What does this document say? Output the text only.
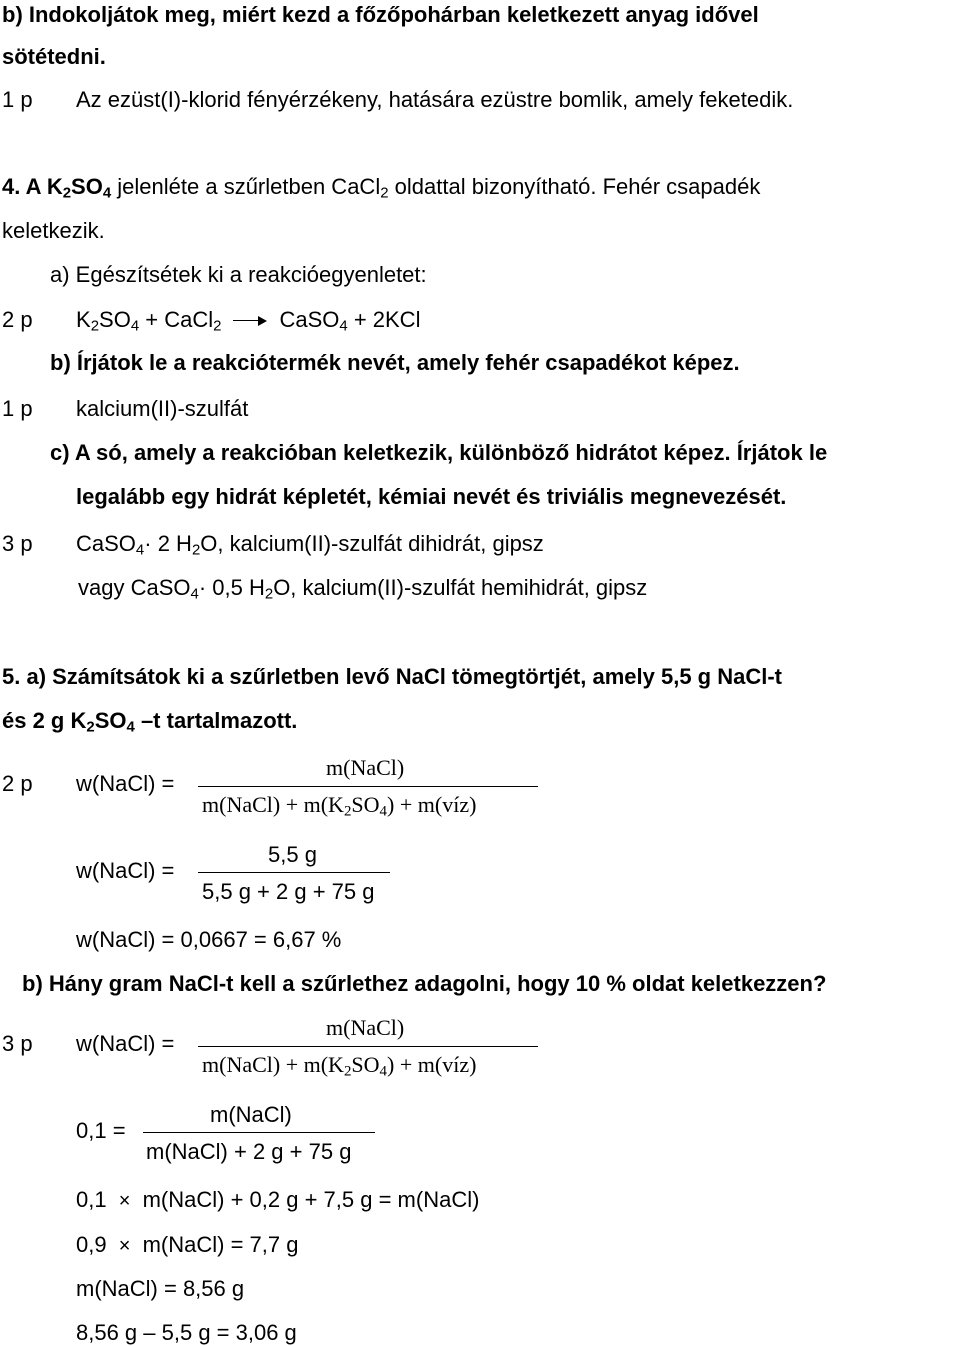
b) Indokoljátok meg, miért kezd a főzőpohárban keletkezett anyag idővel
sötétedni.
1 p Az ezüst(I)-klorid fényérzékeny, hatására ezüstre bomlik, amely feketedik.
4. A $K_2SO_4$ jelenléte a szűrletben CaCl$_2$ oldattal bizonyítható. Fehér csapadék
keletkezik.
a) Egészítsétek ki a reakcióegyenletet:
2 p $K_2SO_4$ + CaCl$_2$	CaSO$_4$ + 2KCl
b) Írjátok le a reakciótermék nevét, amely fehér csapadékot képez.
1 p kalcium(II)-szulfát
c) A só, amely a reakcióban keletkezik, különböző hidrátot képez. Írjátok le
legalább egy hidrát képletét, kémiai nevét és triviális megnevezését.
3 p CaSO$_4$· 2 $H_2O$, kalcium(II)-szulfát dihidrát, gipsz
vagy CaSO$_4$· 0,5 $H_2O$, kalcium(II)-szulfát hemihidrát, gipsz
5. a) Számítsátok ki a szűrletben levő NaCl tömegtörtjét, amely 5,5 g NaCl-t
és 2 g $K_2SO_4$ –t tartalmazott.
2 p w(NaCl) =
m(NaCl)
m(NaCl) + $m(K_2SO_4)$ + m(víz)
w(NaCl) =
5,5 g
5,5 g + 2 g + 75 g
w(NaCl) = 0,0667 = 6,67 %
b) Hány gram NaCl-t kell a szűrlethez adagolni, hogy 10 % oldat keletkezzen?
3 p w(NaCl) =
m(NaCl)
m(NaCl) + $m(K_2SO_4)$ + m(víz)
0,1 =
m(NaCl)
m(NaCl) + 2 g + 75 g
0,1 × m(NaCl) + 0,2 g + 7,5 g = m(NaCl)
0,9 × m(NaCl) = 7,7 g
m(NaCl) = 8,56 g
8,56 g – 5,5 g = 3,06 g
